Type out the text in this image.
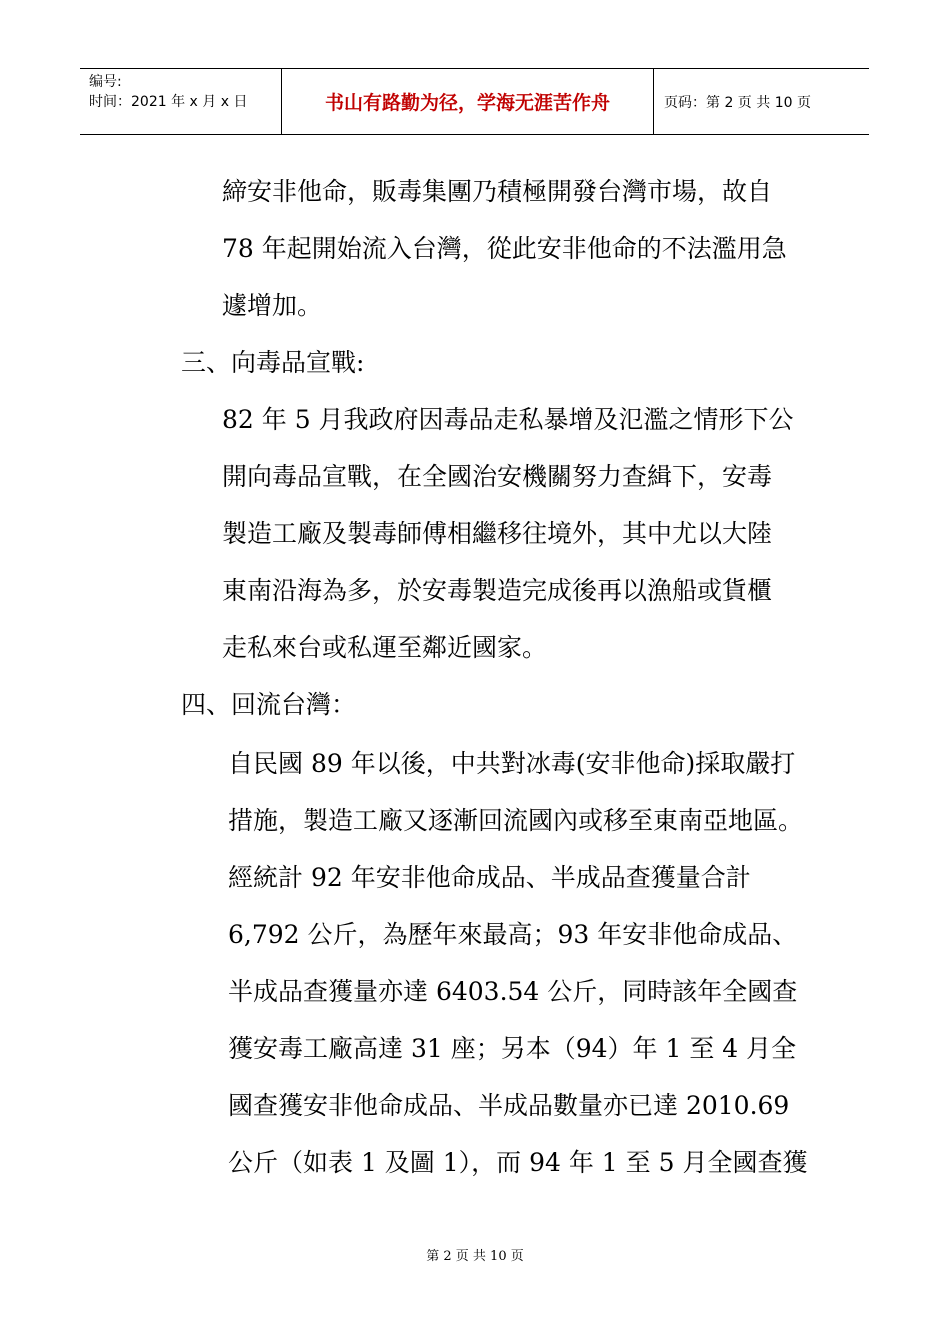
编号:
时间：2021 年 x 月 x 日	书山有路勤为径，学海无涯苦作舟	页码：第 2 页 共 10 页
締安非他命，販毒集團乃積極開發台灣市場，故自
78 年起開始流入台灣，從此安非他命的不法濫用急
遽增加。
三、向毒品宣戰:
82 年 5 月我政府因毒品走私暴增及氾濫之情形下公
開向毒品宣戰，在全國治安機關努力查緝下，安毒
製造工廠及製毒師傅相繼移往境外，其中尤以大陸
東南沿海為多，於安毒製造完成後再以漁船或貨櫃
走私來台或私運至鄰近國家。
四、回流台灣：
自民國 89 年以後，中共對冰毒(安非他命)採取嚴打
措施，製造工廠又逐漸回流國內或移至東南亞地區。
經統計 92 年安非他命成品、半成品查獲量合計
6,792 公斤，為歷年來最高；93 年安非他命成品、
半成品查獲量亦達 6403.54 公斤，同時該年全國查
獲安毒工廠高達 31 座；另本（94）年 1 至 4 月全
國查獲安非他命成品、半成品數量亦已達 2010.69
公斤（如表 1 及圖 1），而 94 年 1 至 5 月全國查獲
第 2 页 共 10 页
